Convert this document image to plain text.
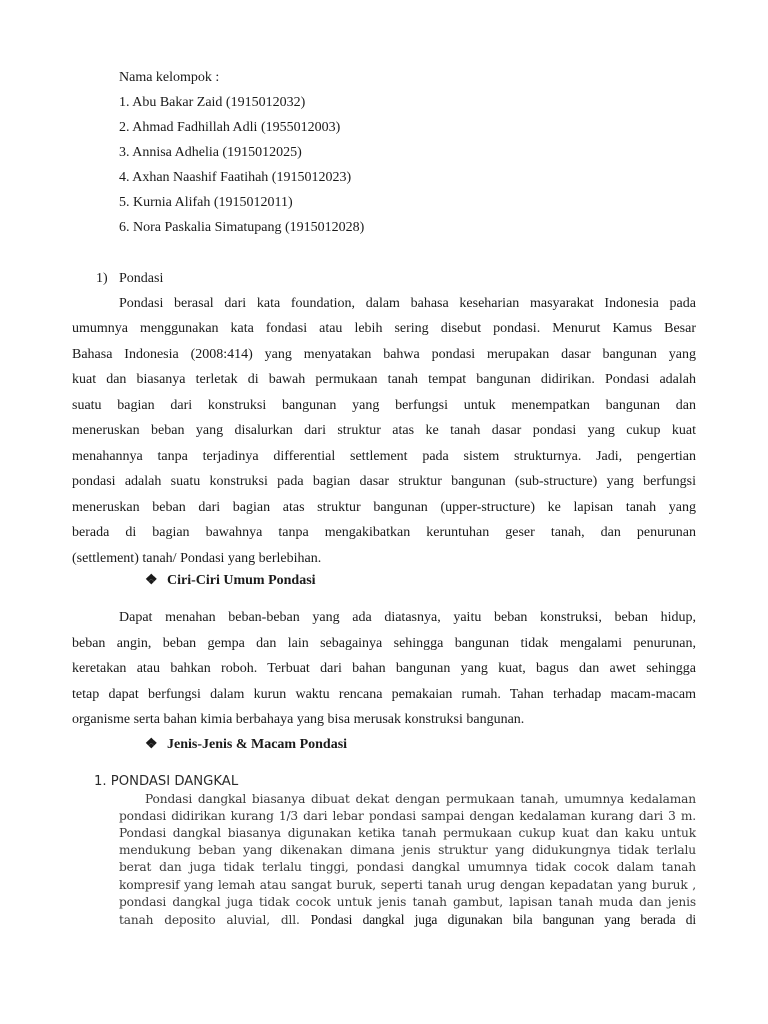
Nama kelompok :
1. Abu Bakar Zaid (1915012032)
2. Ahmad Fadhillah Adli (1955012003)
3. Annisa Adhelia (1915012025)
4. Axhan Naashif Faatihah (1915012023)
5. Kurnia Alifah (1915012011)
6. Nora Paskalia Simatupang (1915012028)
1) Pondasi
Pondasi berasal dari kata foundation, dalam bahasa keseharian masyarakat Indonesia pada
umumnya menggunakan kata fondasi atau lebih sering disebut pondasi. Menurut Kamus Besar
Bahasa Indonesia (2008:414) yang menyatakan bahwa pondasi merupakan dasar bangunan yang
kuat dan biasanya terletak di bawah permukaan tanah tempat bangunan didirikan. Pondasi adalah
suatu bagian dari konstruksi bangunan yang berfungsi untuk menempatkan bangunan dan
meneruskan beban yang disalurkan dari struktur atas ke tanah dasar pondasi yang cukup kuat
menahannya tanpa terjadinya differential settlement pada sistem strukturnya. Jadi, pengertian
pondasi adalah suatu konstruksi pada bagian dasar struktur bangunan (sub-structure) yang berfungsi
meneruskan beban dari bagian atas struktur bangunan (upper-structure) ke lapisan tanah yang
berada di bagian bawahnya tanpa mengakibatkan keruntuhan geser tanah, dan penurunan
(settlement) tanah/ Pondasi yang berlebihan.
❖ Ciri-Ciri Umum Pondasi
Dapat menahan beban-beban yang ada diatasnya, yaitu beban konstruksi, beban hidup,
beban angin, beban gempa dan lain sebagainya sehingga bangunan tidak mengalami penurunan,
keretakan atau bahkan roboh. Terbuat dari bahan bangunan yang kuat, bagus dan awet sehingga
tetap dapat berfungsi dalam kurun waktu rencana pemakaian rumah. Tahan terhadap macam-macam
organisme serta bahan kimia berbahaya yang bisa merusak konstruksi bangunan.
❖ Jenis-Jenis & Macam Pondasi
1. PONDASI DANGKAL
Pondasi dangkal biasanya dibuat dekat dengan permukaan tanah, umumnya kedalaman
pondasi didirikan kurang 1/3 dari lebar pondasi sampai dengan kedalaman kurang dari 3 m.
Pondasi dangkal biasanya digunakan ketika tanah permukaan cukup kuat dan kaku untuk
mendukung beban yang dikenakan dimana jenis struktur yang didukungnya tidak terlalu
berat dan juga tidak terlalu tinggi, pondasi dangkal umumnya tidak cocok dalam tanah
kompresif yang lemah atau sangat buruk, seperti tanah urug dengan kepadatan yang buruk ,
pondasi dangkal juga tidak cocok untuk jenis tanah gambut, lapisan tanah muda dan jenis
tanah deposito aluvial, dll. Pondasi dangkal juga digunakan bila bangunan yang berada di
